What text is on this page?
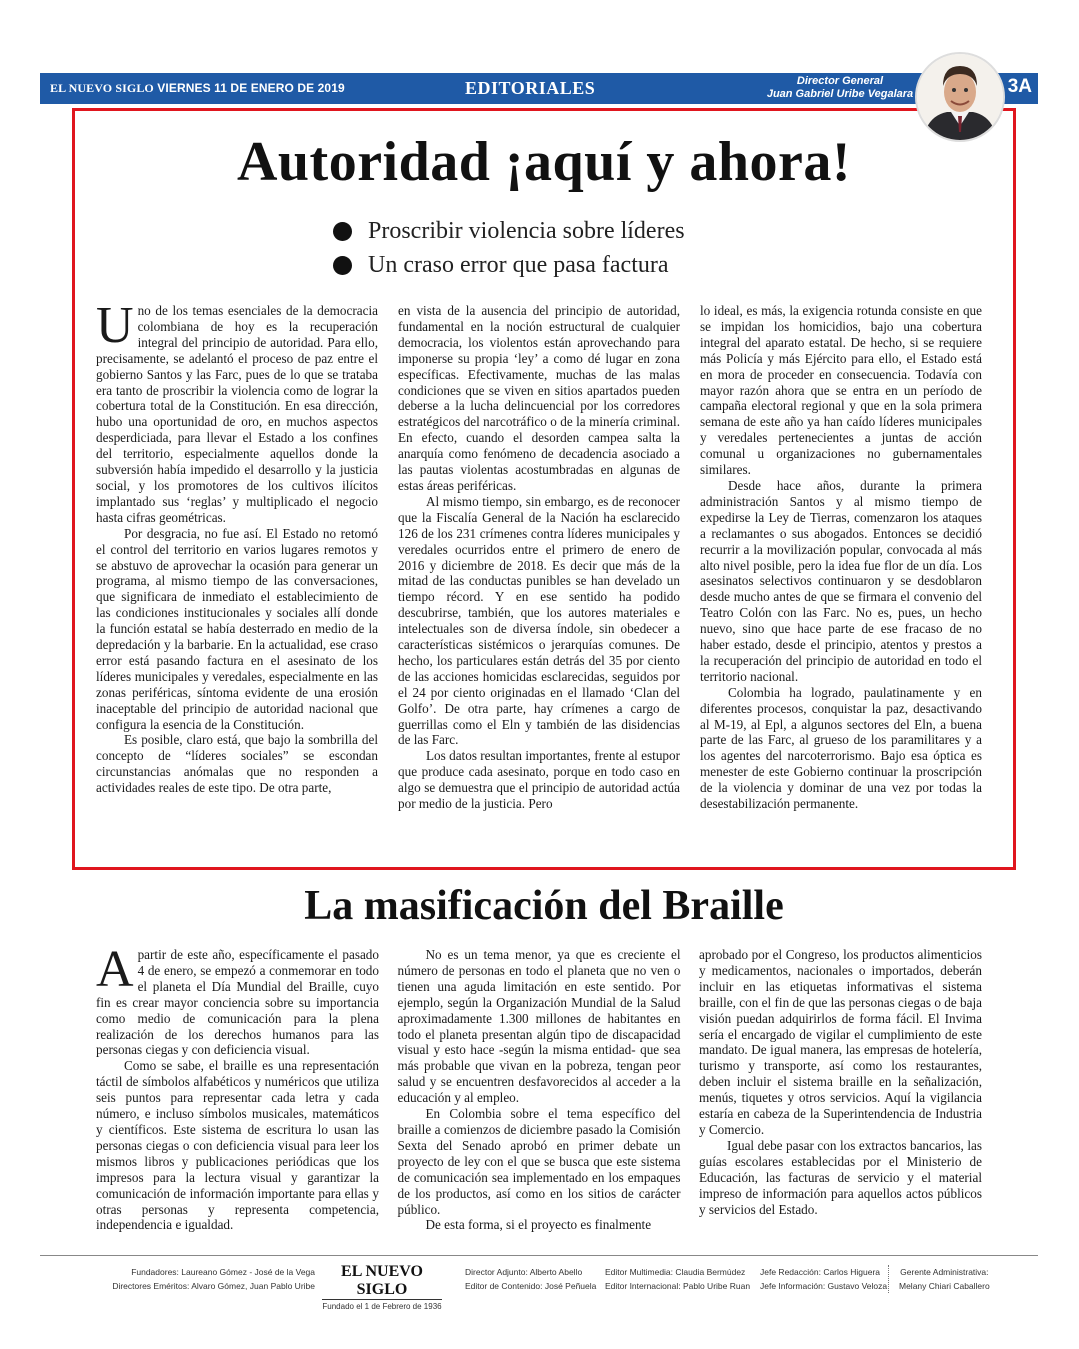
EL NUEVO SIGLO VIERNES 11 DE ENERO DE 2019	EDITORIALES	Director General
Juan Gabriel Uribe Vegalara	3A
Autoridad ¡aquí y ahora!
Proscribir violencia sobre líderes
Un craso error que pasa factura

Uno de los temas esenciales de la democracia colombiana de hoy es la recuperación integral del principio de autoridad. Para ello, precisamente, se adelantó el proceso de paz entre el gobierno Santos y las Farc, pues de lo que se trataba era tanto de proscribir la violencia como de lograr la cobertura total de la Constitución. En esa dirección, hubo una oportunidad de oro, en muchos aspectos desperdiciada, para llevar el Estado a los confines del territorio, especialmente aquellos donde la subversión había impedido el desarrollo y la justicia social, y los promotores de los cultivos ilícitos implantado sus ‘reglas’ y multiplicado el negocio hasta cifras geométricas.

Por desgracia, no fue así. El Estado no retomó el control del territorio en varios lugares remotos y se abstuvo de aprovechar la ocasión para generar un programa, al mismo tiempo de las conversaciones, que significara de inmediato el establecimiento de las condiciones institucionales y sociales allí donde la función estatal se había desterrado en medio de la depredación y la barbarie. En la actualidad, ese craso error está pasando factura en el asesinato de los líderes municipales y veredales, especialmente en las zonas periféricas, síntoma evidente de una erosión inaceptable del principio de autoridad nacional que configura la esencia de la Constitución.

Es posible, claro está, que bajo la sombrilla del concepto de “líderes sociales” se escondan circunstancias anómalas que no responden a actividades reales de este tipo. De otra parte,

en vista de la ausencia del principio de autoridad, fundamental en la noción estructural de cualquier democracia, los violentos están aprovechando para imponerse su propia ‘ley’ a como dé lugar en zona específicas. Efectivamente, muchas de las malas condiciones que se viven en sitios apartados pueden deberse a la lucha delincuencial por los corredores estratégicos del narcotráfico o de la minería criminal. En efecto, cuando el desorden campea salta la anarquía como fenómeno de decadencia asociado a las pautas violentas acostumbradas en algunas de estas áreas periféricas.

Al mismo tiempo, sin embargo, es de reconocer que la Fiscalía General de la Nación ha esclarecido 126 de los 231 crímenes contra líderes municipales y veredales ocurridos entre el primero de enero de 2016 y diciembre de 2018. Es decir que más de la mitad de las conductas punibles se han develado un tiempo récord. Y en ese sentido ha podido descubrirse, también, que los autores materiales e intelectuales son de diversa índole, sin obedecer a características sistémicos o jerarquías comunes. De hecho, los particulares están detrás del 35 por ciento de las acciones homicidas esclarecidas, seguidos por el 24 por ciento originadas en el llamado ‘Clan del Golfo’. De otra parte, hay crímenes a cargo de guerrillas como el Eln y también de las disidencias de las Farc.

Los datos resultan importantes, frente al estupor que produce cada asesinato, porque en todo caso en algo se demuestra que el principio de autoridad actúa por medio de la justicia. Pero

lo ideal, es más, la exigencia rotunda consiste en que se impidan los homicidios, bajo una cobertura integral del aparato estatal. De hecho, si se requiere más Policía y más Ejército para ello, el Estado está en mora de proceder en consecuencia. Todavía con mayor razón ahora que se entra en un período de campaña electoral regional y que en la sola primera semana de este año ya han caído líderes municipales y veredales pertenecientes a juntas de acción comunal u organizaciones no gubernamentales similares.

Desde hace años, durante la primera administración Santos y al mismo tiempo de expedirse la Ley de Tierras, comenzaron los ataques a reclamantes o sus abogados. Entonces se decidió recurrir a la movilización popular, convocada al más alto nivel posible, pero la idea fue flor de un día. Los asesinatos selectivos continuaron y se desdoblaron desde mucho antes de que se firmara el convenio del Teatro Colón con las Farc. No es, pues, un hecho nuevo, sino que hace parte de ese fracaso de no haber estado, desde el principio, atentos y prestos a la recuperación del principio de autoridad en todo el territorio nacional.

Colombia ha logrado, paulatinamente y en diferentes procesos, conquistar la paz, desactivando al M-19, al Epl, a algunos sectores del Eln, a buena parte de las Farc, al grueso de los paramilitares y a los agentes del narcoterrorismo. Bajo esa óptica es menester de este Gobierno continuar la proscripción de la violencia y dominar de una vez por todas la desestabilización permanente.

La masificación del Braille

Apartir de este año, específicamente el pasado 4 de enero, se empezó a conmemorar en todo el planeta el Día Mundial del Braille, cuyo fin es crear mayor conciencia sobre su importancia como medio de comunicación para la plena realización de los derechos humanos para las personas ciegas y con deficiencia visual.

Como se sabe, el braille es una representación táctil de símbolos alfabéticos y numéricos que utiliza seis puntos para representar cada letra y cada número, e incluso símbolos musicales, matemáticos y científicos. Este sistema de escritura lo usan las personas ciegas o con deficiencia visual para leer los mismos libros y publicaciones periódicas que los impresos para la lectura visual y garantizar la comunicación de información importante para ellas y otras personas y representa competencia, independencia e igualdad.

No es un tema menor, ya que es creciente el número de personas en todo el planeta que no ven o tienen una aguda limitación en este sentido. Por ejemplo, según la Organización Mundial de la Salud aproximadamente 1.300 millones de habitantes en todo el planeta presentan algún tipo de discapacidad visual y esto hace -según la misma entidad- que sea más probable que vivan en la pobreza, tengan peor salud y se encuentren desfavorecidos al acceder a la educación y al empleo.

En Colombia sobre el tema específico del braille a comienzos de diciembre pasado la Comisión Sexta del Senado aprobó en primer debate un proyecto de ley con el que se busca que este sistema de comunicación sea implementado en los empaques de los productos, así como en los sitios de carácter público.

De esta forma, si el proyecto es finalmente

aprobado por el Congreso, los productos alimenticios y medicamentos, nacionales o importados, deberán incluir en las etiquetas informativas el sistema braille, con el fin de que las personas ciegas o de baja visión puedan adquirirlos de forma fácil. El Invima sería el encargado de vigilar el cumplimiento de este mandato. De igual manera, las empresas de hotelería, turismo y transporte, así como los restaurantes, deben incluir el sistema braille en la señalización, menús, tiquetes y otros servicios. Aquí la vigilancia estaría en cabeza de la Superintendencia de Industria y Comercio.

Igual debe pasar con los extractos bancarios, las guías escolares establecidas por el Ministerio de Educación, las facturas de servicio y el material impreso de información para aquellos actos públicos y servicios del Estado.

Fundadores: Laureano Gómez - José de la Vega
Directores Eméritos: Alvaro Gómez, Juan Pablo Uribe
EL NUEVO SIGLO
Fundado el 1 de Febrero de 1936
Director Adjunto: Alberto Abello
Editor de Contenido: José Peñuela
Editor Multimedia: Claudia Bermúdez
Editor Internacional: Pablo Uribe Ruan
Jefe Redacción: Carlos Higuera
Jefe Información: Gustavo Veloza
Gerente Administrativa:
Melany Chiari Caballero
